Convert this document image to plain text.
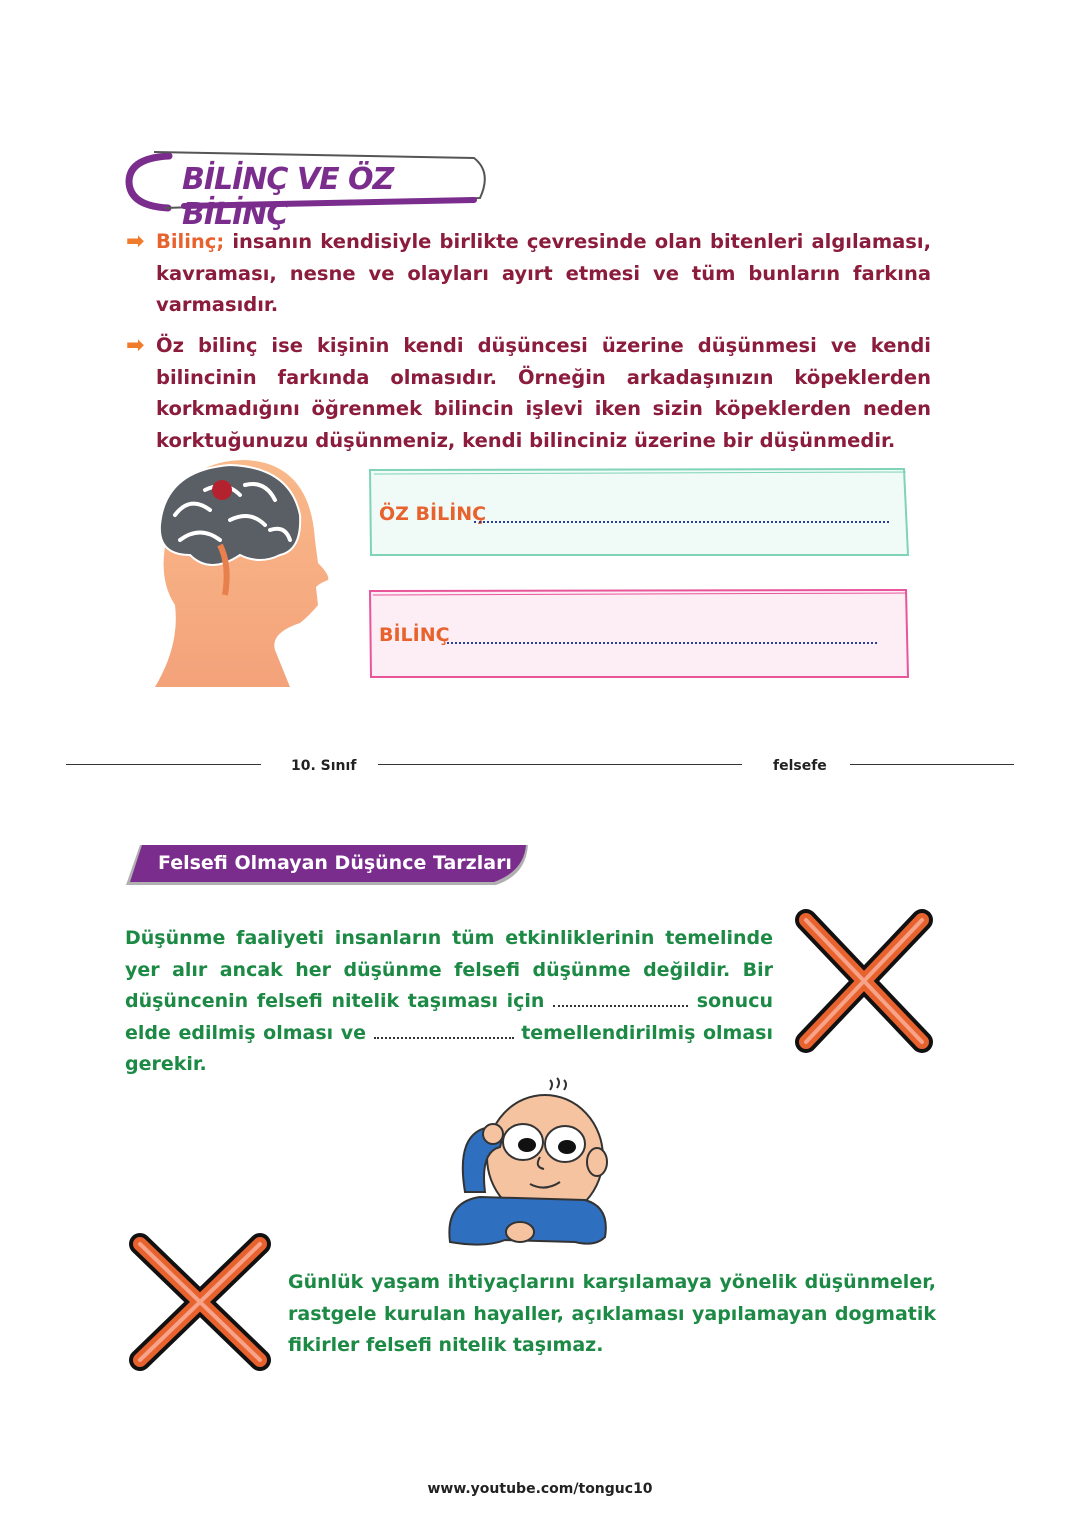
BİLİNÇ VE ÖZ BİLİNÇ
➡ Bilinç; insanın kendisiyle birlikte çevresinde olan bitenleri algılaması, kavraması, nesne ve olayları ayırt etmesi ve tüm bunların farkına varmasıdır.
➡ Öz bilinç ise kişinin kendi düşüncesi üzerine düşünmesi ve kendi bilincinin farkında olmasıdır. Örneğin arkadaşınızın köpeklerden korkmadığını öğrenmek bilincin işlevi iken sizin köpeklerden neden korktuğunuzu düşünmeniz, kendi bilinciniz üzerine bir düşünmedir.
ÖZ BİLİNÇ
BİLİNÇ
10. Sınıf	felsefe
Felsefi Olmayan Düşünce Tarzları
Düşünme faaliyeti insanların tüm etkinliklerinin temelinde yer alır ancak her düşünme felsefi düşünme değildir. Bir düşüncenin felsefi nitelik taşıması için	sonucu elde edilmiş olması ve	temellendirilmiş olması gerekir.
Günlük yaşam ihtiyaçlarını karşılamaya yönelik düşünmeler, rastgele kurulan hayaller, açıklaması yapılamayan dogmatik fikirler felsefi nitelik taşımaz.
www.youtube.com/tonguc10
